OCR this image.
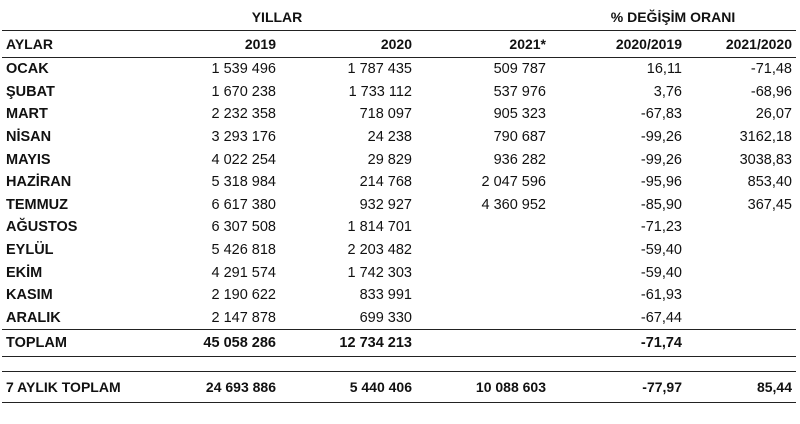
	YILLAR			% DEĞİŞİM ORANI	
AYLAR	2019	2020	2021*	2020/2019	2021/2020
OCAK	1 539 496	1 787 435	509 787	16,11	-71,48
ŞUBAT	1 670 238	1 733 112	537 976	3,76	-68,96
MART	2 232 358	718 097	905 323	-67,83	26,07
NİSAN	3 293 176	24 238	790 687	-99,26	3162,18
MAYIS	4 022 254	29 829	936 282	-99,26	3038,83
HAZİRAN	5 318 984	214 768	2 047 596	-95,96	853,40
TEMMUZ	6 617 380	932 927	4 360 952	-85,90	367,45
AĞUSTOS	6 307 508	1 814 701		-71,23	
EYLÜL	5 426 818	2 203 482		-59,40	
EKİM	4 291 574	1 742 303		-59,40	
KASIM	2 190 622	833 991		-61,93	
ARALIK	2 147 878	699 330		-67,44	
TOPLAM	45 058 286	12 734 213		-71,74	

7 AYLIK TOPLAM	24 693 886	5 440 406	10 088 603	-77,97	85,44
